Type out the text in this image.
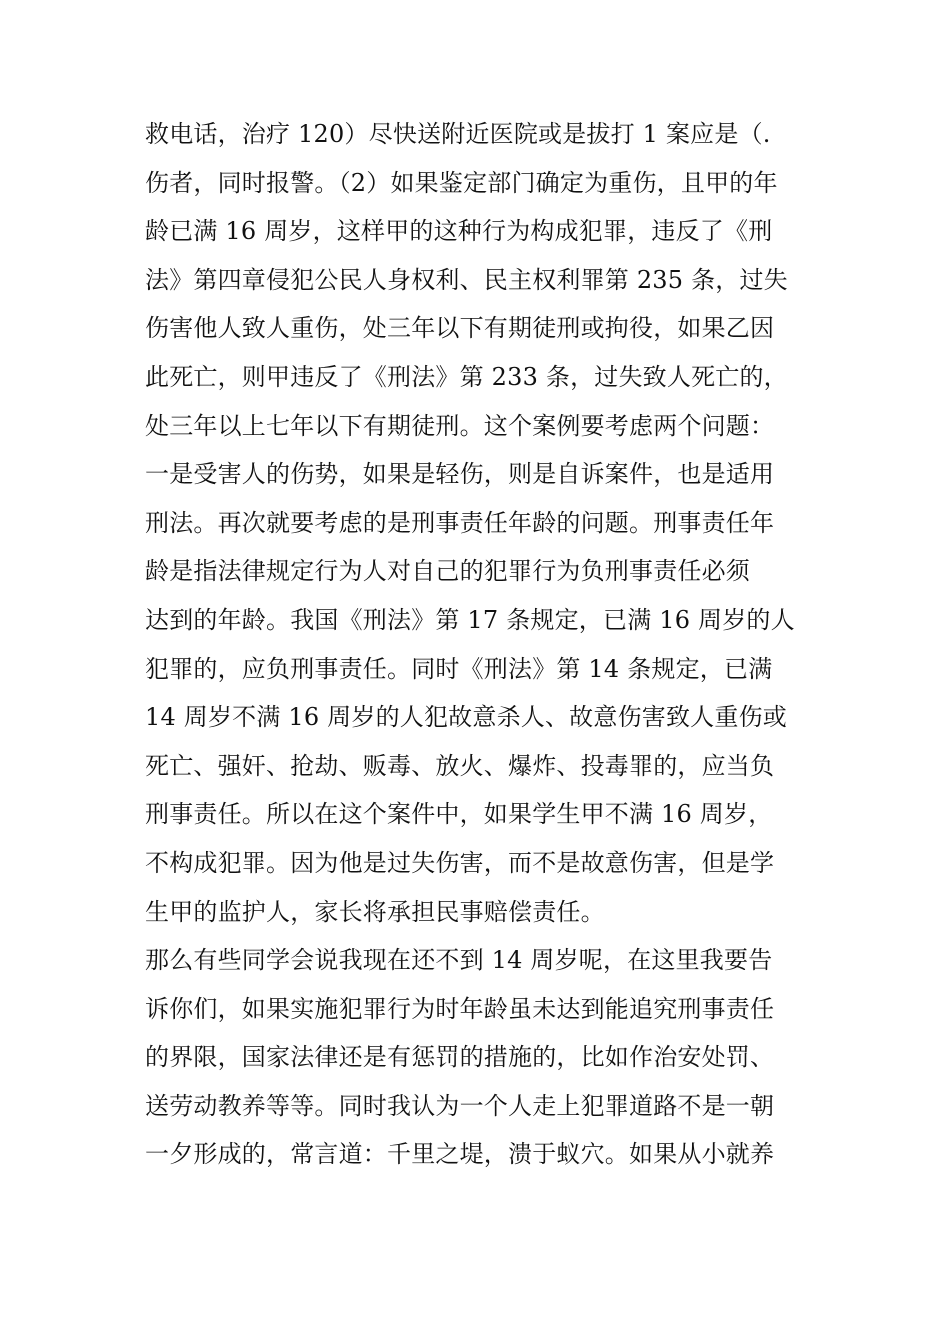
救电话，治疗 120）尽快送附近医院或是拔打 1 案应是（.
伤者，同时报警。（2）如果鉴定部门确定为重伤，且甲的年
龄已满 16 周岁，这样甲的这种行为构成犯罪，违反了《刑
法》第四章侵犯公民人身权利、民主权利罪第 235 条，过失
伤害他人致人重伤，处三年以下有期徒刑或拘役，如果乙因
此死亡，则甲违反了《刑法》第 233 条，过失致人死亡的，
处三年以上七年以下有期徒刑。这个案例要考虑两个问题：
一是受害人的伤势，如果是轻伤，则是自诉案件，也是适用
刑法。再次就要考虑的是刑事责任年龄的问题。刑事责任年
龄是指法律规定行为人对自己的犯罪行为负刑事责任必须
达到的年龄。我国《刑法》第 17 条规定，已满 16 周岁的人
犯罪的，应负刑事责任。同时《刑法》第 14 条规定，已满
14 周岁不满 16 周岁的人犯故意杀人、故意伤害致人重伤或
死亡、强奸、抢劫、贩毒、放火、爆炸、投毒罪的，应当负
刑事责任。所以在这个案件中，如果学生甲不满 16 周岁，
不构成犯罪。因为他是过失伤害，而不是故意伤害，但是学
生甲的监护人，家长将承担民事赔偿责任。
那么有些同学会说我现在还不到 14 周岁呢，在这里我要告
诉你们，如果实施犯罪行为时年龄虽未达到能追究刑事责任
的界限，国家法律还是有惩罚的措施的，比如作治安处罚、
送劳动教养等等。同时我认为一个人走上犯罪道路不是一朝
一夕形成的，常言道：千里之堤，溃于蚁穴。如果从小就养
